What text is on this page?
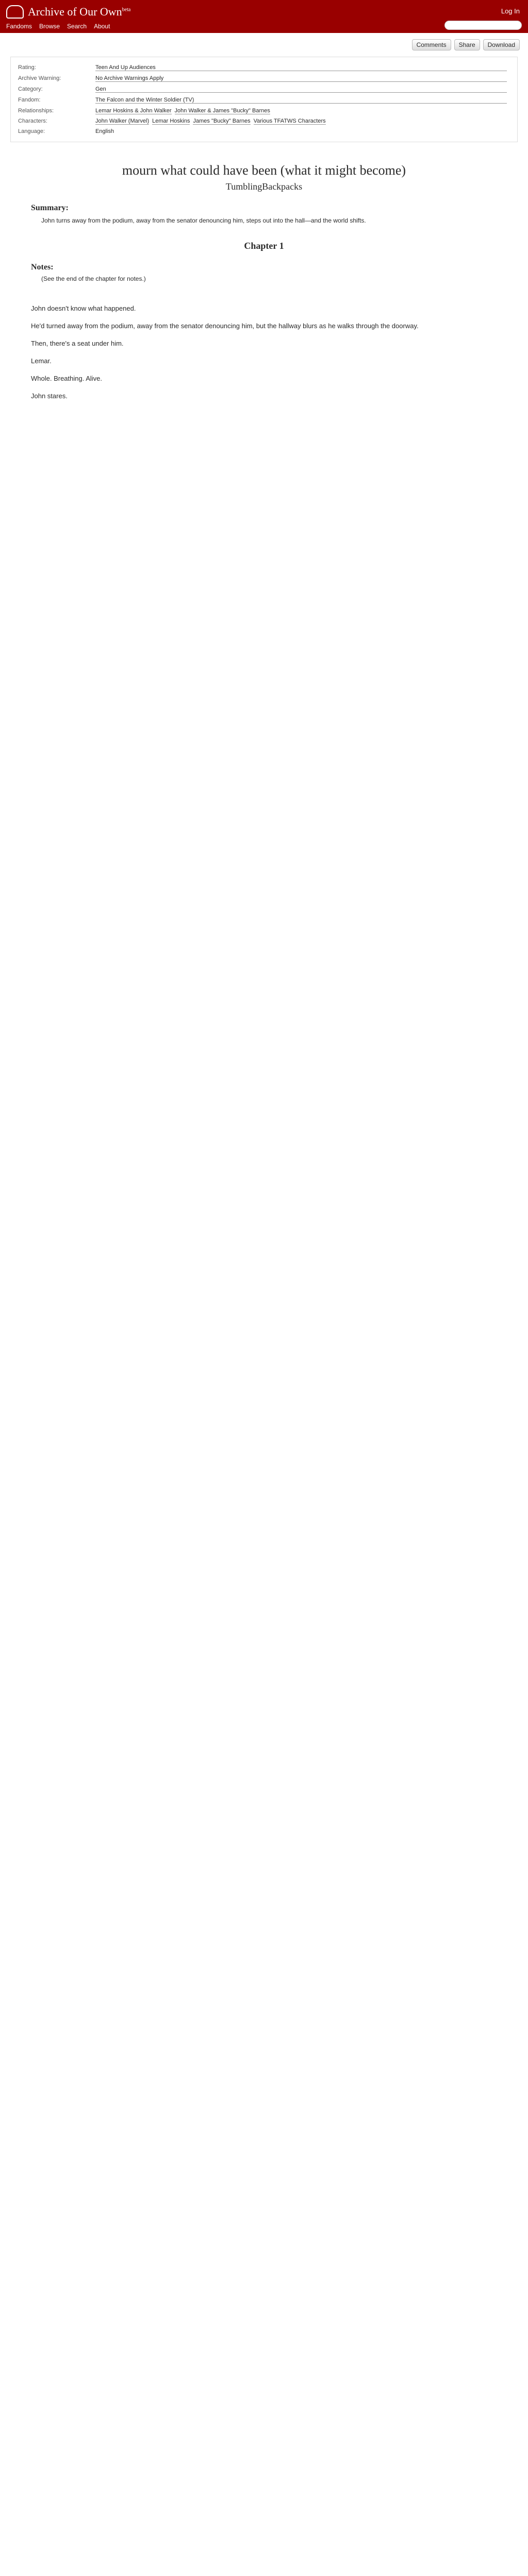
Archive of Our Own$^{beta}$	Log In
Fandoms Browse Search About
Comments	Share	Download
Rating:	Teen And Up Audiences
Archive Warning:	No Archive Warnings Apply
Category:	Gen
Fandom:	The Falcon and the Winter Soldier (TV)
Relationships:	Lemar Hoskins & John Walker John Walker & James "Bucky" Barnes
Characters:	John Walker (Marvel) Lemar Hoskins James "Bucky" Barnes Various TFATWS Characters
Language:	English
mourn what could have been (what it might become)
TumblingBackpacks
Summary:

John turns away from the podium, away from the senator denouncing him, steps out into the hall—and the world shifts.

Chapter 1
Notes:

(See the end of the chapter for notes.)

John doesn't know what happened.

He'd turned away from the podium, away from the senator denouncing him, but the hallway blurs as he walks through the doorway.

Then, there's a seat under him.

Lemar.

Whole. Breathing. Alive.

John stares.
